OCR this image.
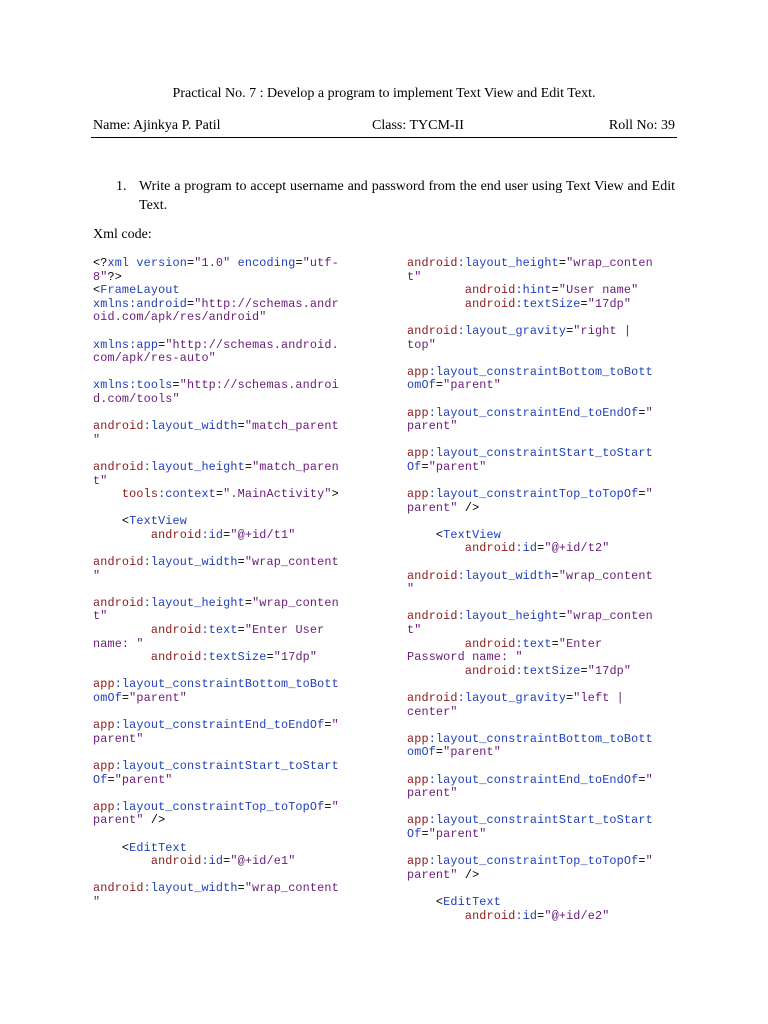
Practical No. 7 : Develop a program to implement Text View and Edit Text.
Name: Ajinkya P. Patil	Class: TYCM-II	Roll No: 39
1. Write a program to accept username and password from the end user using Text View and Edit Text.
Xml code:
<?xml version="1.0" encoding="utf-
8"?>
<FrameLayout
xmlns:android="http://schemas.andr
oid.com/apk/res/android"
xmlns:app="http://schemas.android.
com/apk/res-auto"
xmlns:tools="http://schemas.androi
d.com/tools"
android:layout_width="match_parent
"
android:layout_height="match_paren
t"
tools:context=".MainActivity">
<TextView
android:id="@+id/t1"
android:layout_width="wrap_content
"
android:layout_height="wrap_conten
t"
android:text="Enter User
name: "
android:textSize="17dp"
app:layout_constraintBottom_toBott
omOf="parent"
app:layout_constraintEnd_toEndOf="
parent"
app:layout_constraintStart_toStart
Of="parent"
app:layout_constraintTop_toTopOf="
parent" />
<EditText
android:id="@+id/e1"
android:layout_width="wrap_content
"
android:layout_height="wrap_conten
t"
android:hint="User name"
android:textSize="17dp"
android:layout_gravity="right |
top"
app:layout_constraintBottom_toBott
omOf="parent"
app:layout_constraintEnd_toEndOf="
parent"
app:layout_constraintStart_toStart
Of="parent"
app:layout_constraintTop_toTopOf="
parent" />
<TextView
android:id="@+id/t2"
android:layout_width="wrap_content
"
android:layout_height="wrap_conten
t"
android:text="Enter
Password name: "
android:textSize="17dp"
android:layout_gravity="left |
center"
app:layout_constraintBottom_toBott
omOf="parent"
app:layout_constraintEnd_toEndOf="
parent"
app:layout_constraintStart_toStart
Of="parent"
app:layout_constraintTop_toTopOf="
parent" />
<EditText
android:id="@+id/e2"
